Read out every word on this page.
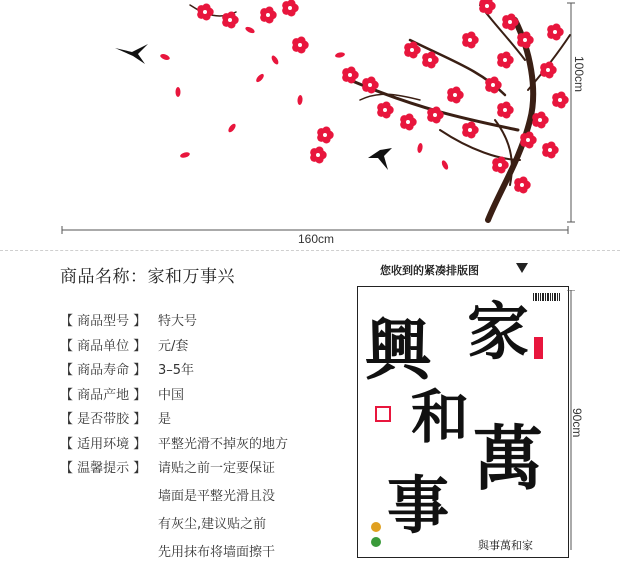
160cm
100cm
商品名称：家和万事兴
【 商品型号 】 特大号
【 商品单位 】 元/套
【 商品寿命 】 3–5年
【 商品产地 】 中国
【 是否带胶 】 是
【 适用环境 】 平整光滑不掉灰的地方
【 温馨提示 】 请贴之前一定要保证
墙面是平整光滑且没
有灰尘,建议贴之前
先用抹布将墙面擦干
您收到的紧凑排版图
家
萬
和
事
興
與事萬和家
90cm
